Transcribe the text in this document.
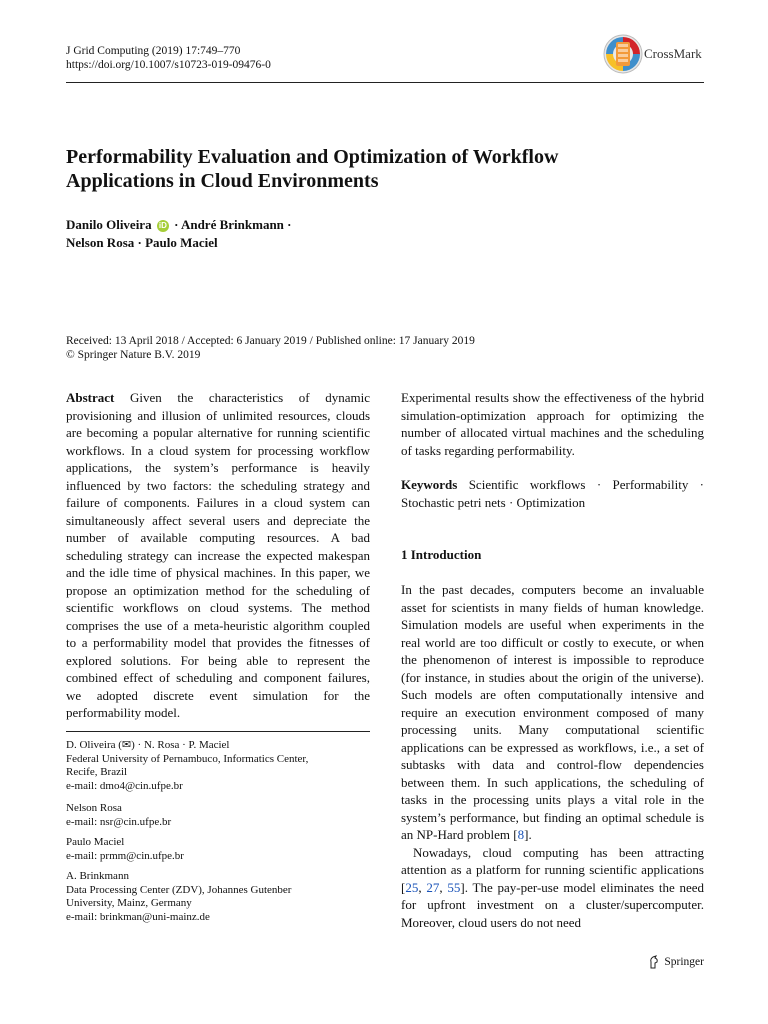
J Grid Computing (2019) 17:749–770
https://doi.org/10.1007/s10723-019-09476-0
CrossMark
Performability Evaluation and Optimization of Workflow
Applications in Cloud Environments
Danilo Oliveira iD · André Brinkmann ·
Nelson Rosa · Paulo Maciel
Received: 13 April 2018 / Accepted: 6 January 2019 / Published online: 17 January 2019
© Springer Nature B.V. 2019

Abstract Given the characteristics of dynamic provisioning and illusion of unlimited resources, clouds are becoming a popular alternative for running scientific workflows. In a cloud system for processing workflow applications, the system’s performance is heavily influenced by two factors: the scheduling strategy and failure of components. Failures in a cloud system can simultaneously affect several users and depreciate the number of available computing resources. A bad scheduling strategy can increase the expected makespan and the idle time of physical machines. In this paper, we propose an optimization method for the scheduling of scientific workflows on cloud systems. The method comprises the use of a meta-heuristic algorithm coupled to a performability model that provides the fitnesses of explored solutions. For being able to represent the combined effect of scheduling and component failures, we adopted discrete event simulation for the performability model.

D. Oliveira (✉) · N. Rosa · P. Maciel
Federal University of Pernambuco, Informatics Center,
Recife, Brazil
e-mail: dmo4@cin.ufpe.br
Nelson Rosa
e-mail: nsr@cin.ufpe.br
Paulo Maciel
e-mail: prmm@cin.ufpe.br
A. Brinkmann
Data Processing Center (ZDV), Johannes Gutenber
University, Mainz, Germany
e-mail: brinkman@uni-mainz.de

Experimental results show the effectiveness of the hybrid simulation-optimization approach for optimizing the number of allocated virtual machines and the scheduling of tasks regarding performability.

Keywords Scientific workflows · Performability · Stochastic petri nets · Optimization

1 Introduction

In the past decades, computers become an invaluable asset for scientists in many fields of human knowledge. Simulation models are useful when experiments in the real world are too difficult or costly to execute, or when the phenomenon of interest is impossible to reproduce (for instance, in studies about the origin of the universe). Such models are often computationally intensive and require an execution environment composed of many processing units. Many computational scientific applications can be expressed as workflows, i.e., a set of subtasks with data and control-flow dependencies between them. In such applications, the scheduling of tasks in the processing units plays a vital role in the system’s performance, but finding an optimal schedule is an NP-Hard problem [8].

Nowadays, cloud computing has been attracting attention as a platform for running scientific applications [25, 27, 55]. The pay-per-use model eliminates the need for upfront investment on a cluster/supercomputer. Moreover, cloud users do not need

Springer
